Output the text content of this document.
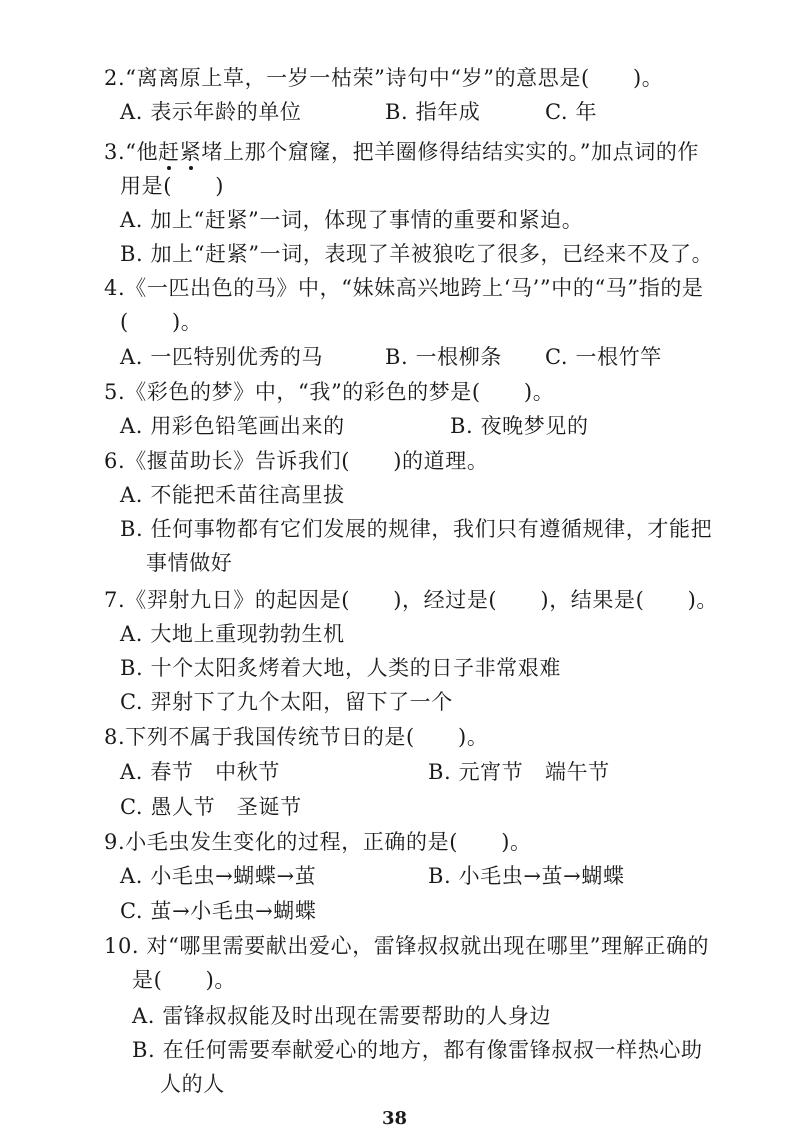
2.“离离原上草，一岁一枯荣”诗句中“岁”的意思是(　　)。
A. 表示年龄的单位	B. 指年成	C. 年
3.“他赶紧堵上那个窟窿，把羊圈修得结结实实的。”加点词的作
用是(　　)
A. 加上“赶紧”一词，体现了事情的重要和紧迫。
B. 加上“赶紧”一词，表现了羊被狼吃了很多，已经来不及了。
4.《一匹出色的马》中，“妹妹高兴地跨上‘马’”中的“马”指的是
(　　)。
A. 一匹特别优秀的马	B. 一根柳条 C. 一根竹竿
5.《彩色的梦》中，“我”的彩色的梦是(　　)。
A. 用彩色铅笔画出来的	B. 夜晚梦见的
6.《揠苗助长》告诉我们(　　)的道理。
A. 不能把禾苗往高里拔
B. 任何事物都有它们发展的规律，我们只有遵循规律，才能把
事情做好
7.《羿射九日》的起因是(　　)，经过是(　　)，结果是(　　)。
A. 大地上重现勃勃生机
B. 十个太阳炙烤着大地，人类的日子非常艰难
C. 羿射下了九个太阳，留下了一个
8.下列不属于我国传统节日的是(　　)。
A. 春节　中秋节	B. 元宵节　端午节
C. 愚人节　圣诞节
9.小毛虫发生变化的过程，正确的是(　　)。
A. 小毛虫→蝴蝶→茧	B. 小毛虫→茧→蝴蝶
C. 茧→小毛虫→蝴蝶
10. 对“哪里需要献出爱心，雷锋叔叔就出现在哪里”理解正确的
是(　　)。
A. 雷锋叔叔能及时出现在需要帮助的人身边
B. 在任何需要奉献爱心的地方，都有像雷锋叔叔一样热心助
人的人
38
